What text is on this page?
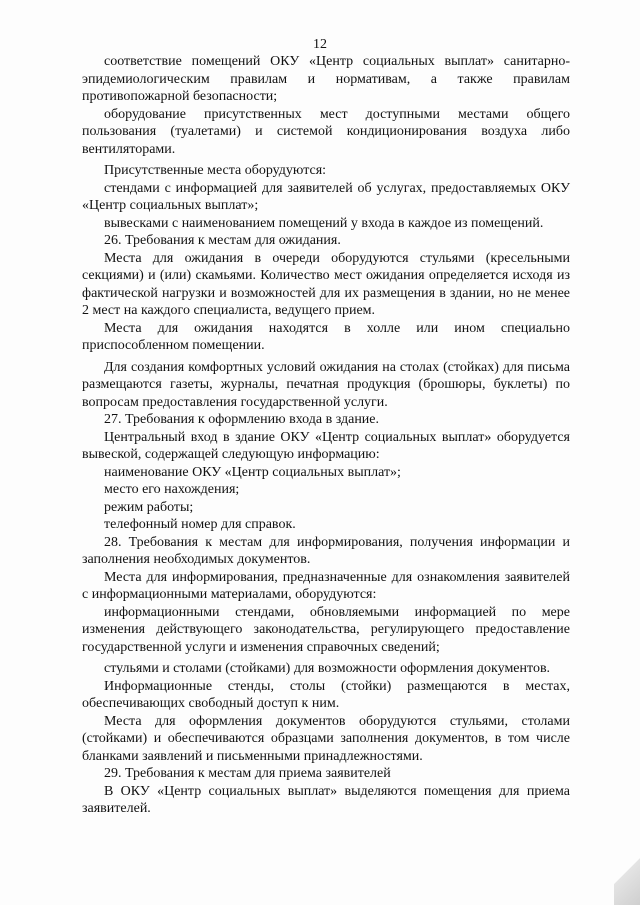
12

соответствие помещений ОКУ «Центр социальных выплат» санитарно-эпидемиологическим правилам и нормативам, а также правилам противопожарной безопасности;

оборудование присутственных мест доступными местами общего пользования (туалетами) и системой кондиционирования воздуха либо вентиляторами.

Присутственные места оборудуются:

стендами с информацией для заявителей об услугах, предоставляемых ОКУ «Центр социальных выплат»;

вывесками с наименованием помещений у входа в каждое из помещений.

26. Требования к местам для ожидания.

Места для ожидания в очереди оборудуются стульями (кресельными секциями) и (или) скамьями. Количество мест ожидания определяется исходя из фактической нагрузки и возможностей для их размещения в здании, но не менее 2 мест на каждого специалиста, ведущего прием.

Места для ожидания находятся в холле или ином специально приспособленном помещении.

Для создания комфортных условий ожидания на столах (стойках) для письма размещаются газеты, журналы, печатная продукция (брошюры, буклеты) по вопросам предоставления государственной услуги.

27. Требования к оформлению входа в здание.

Центральный вход в здание ОКУ «Центр социальных выплат» оборудуется вывеской, содержащей следующую информацию:

наименование ОКУ «Центр социальных выплат»;

место его нахождения;

режим работы;

телефонный номер для справок.

28. Требования к местам для информирования, получения информации и заполнения необходимых документов.

Места для информирования, предназначенные для ознакомления заявителей с информационными материалами, оборудуются:

информационными стендами, обновляемыми информацией по мере изменения действующего законодательства, регулирующего предоставление государственной услуги и изменения справочных сведений;

стульями и столами (стойками) для возможности оформления документов.

Информационные стенды, столы (стойки) размещаются в местах, обеспечивающих свободный доступ к ним.

Места для оформления документов оборудуются стульями, столами (стойками) и обеспечиваются образцами заполнения документов, в том числе бланками заявлений и письменными принадлежностями.

29. Требования к местам для приема заявителей

В ОКУ «Центр социальных выплат» выделяются помещения для приема заявителей.
